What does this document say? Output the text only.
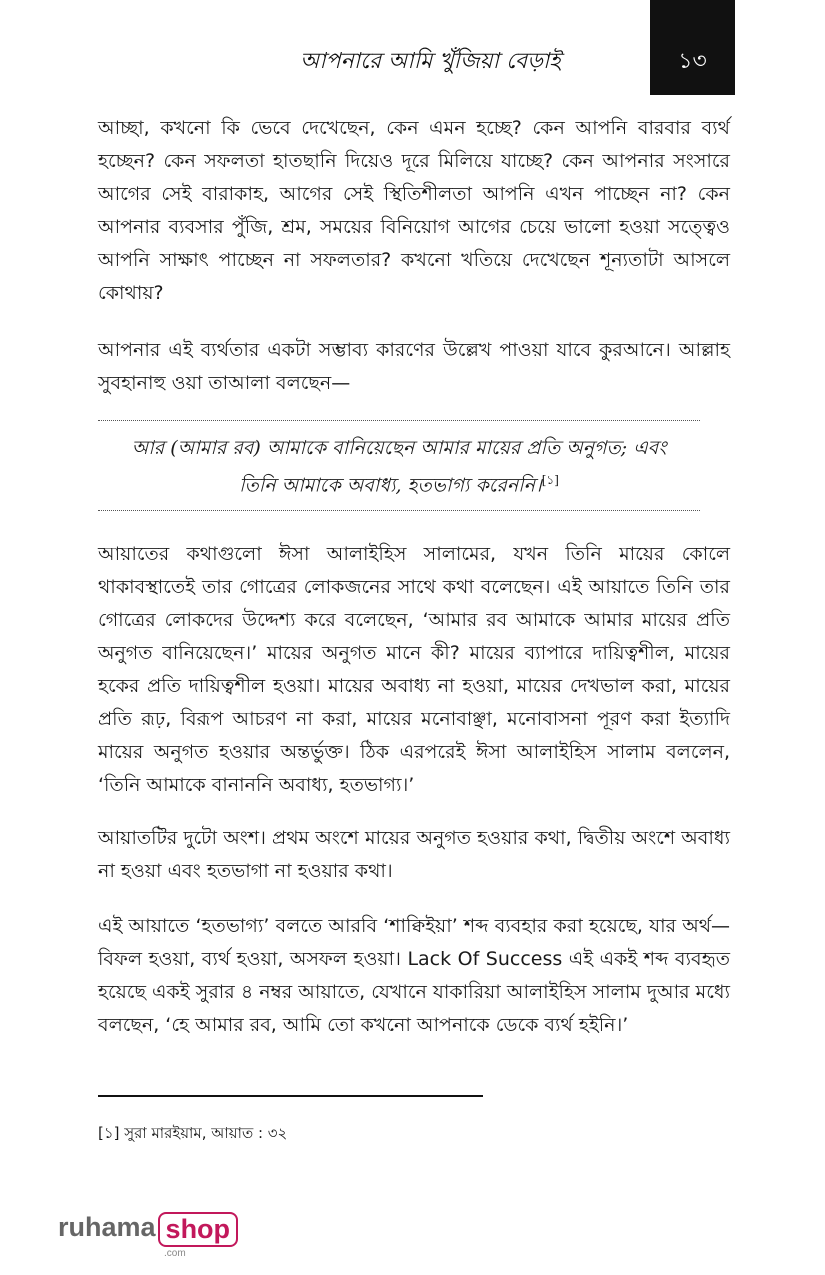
আপনারে আমি খুঁজিয়া বেড়াই	১৩

আচ্ছা, কখনো কি ভেবে দেখেছেন, কেন এমন হচ্ছে? কেন আপনি বারবার ব্যর্থ হচ্ছেন? কেন সফলতা হাতছানি দিয়েও দূরে মিলিয়ে যাচ্ছে? কেন আপনার সংসারে আগের সেই বারাকাহ, আগের সেই স্থিতিশীলতা আপনি এখন পাচ্ছেন না? কেন আপনার ব্যবসার পুঁজি, শ্রম, সময়ের বিনিয়োগ আগের চেয়ে ভালো হওয়া সত্ত্বেও আপনি সাক্ষাৎ পাচ্ছেন না সফলতার? কখনো খতিয়ে দেখেছেন শূন্যতাটা আসলে কোথায়?

আপনার এই ব্যর্থতার একটা সম্ভাব্য কারণের উল্লেখ পাওয়া যাবে কুরআনে। আল্লাহ সুবহানাহু ওয়া তাআলা বলছেন—

আর (আমার রব) আমাকে বানিয়েছেন আমার মায়ের প্রতি অনুগত; এবং
তিনি আমাকে অবাধ্য, হতভাগ্য করেননি।[১]

আয়াতের কথাগুলো ঈসা আলাইহিস সালামের, যখন তিনি মায়ের কোলে থাকাবস্থাতেই তার গোত্রের লোকজনের সাথে কথা বলেছেন। এই আয়াতে তিনি তার গোত্রের লোকদের উদ্দেশ্য করে বলেছেন, ‘আমার রব আমাকে আমার মায়ের প্রতি অনুগত বানিয়েছেন।’ মায়ের অনুগত মানে কী? মায়ের ব্যাপারে দায়িত্বশীল, মায়ের হকের প্রতি দায়িত্বশীল হওয়া। মায়ের অবাধ্য না হওয়া, মায়ের দেখভাল করা, মায়ের প্রতি রূঢ়, বিরূপ আচরণ না করা, মায়ের মনোবাঞ্ছা, মনোবাসনা পূরণ করা ইত্যাদি মায়ের অনুগত হওয়ার অন্তর্ভুক্ত। ঠিক এরপরেই ঈসা আলাইহিস সালাম বললেন, ‘তিনি আমাকে বানাননি অবাধ্য, হতভাগ্য।’

আয়াতটির দুটো অংশ। প্রথম অংশে মায়ের অনুগত হওয়ার কথা, দ্বিতীয় অংশে অবাধ্য না হওয়া এবং হতভাগা না হওয়ার কথা।

এই আয়াতে ‘হতভাগ্য’ বলতে আরবি ‘শাক্বিইয়া’ শব্দ ব্যবহার করা হয়েছে, যার অর্থ—বিফল হওয়া, ব্যর্থ হওয়া, অসফল হওয়া। Lack Of Success এই একই শব্দ ব্যবহৃত হয়েছে একই সুরার ৪ নম্বর আয়াতে, যেখানে যাকারিয়া আলাইহিস সালাম দুআর মধ্যে বলছেন, ‘হে আমার রব, আমি তো কখনো আপনাকে ডেকে ব্যর্থ হইনি।’

[১] সুরা মারইয়াম, আয়াত : ৩২
ruhama shop
.com
